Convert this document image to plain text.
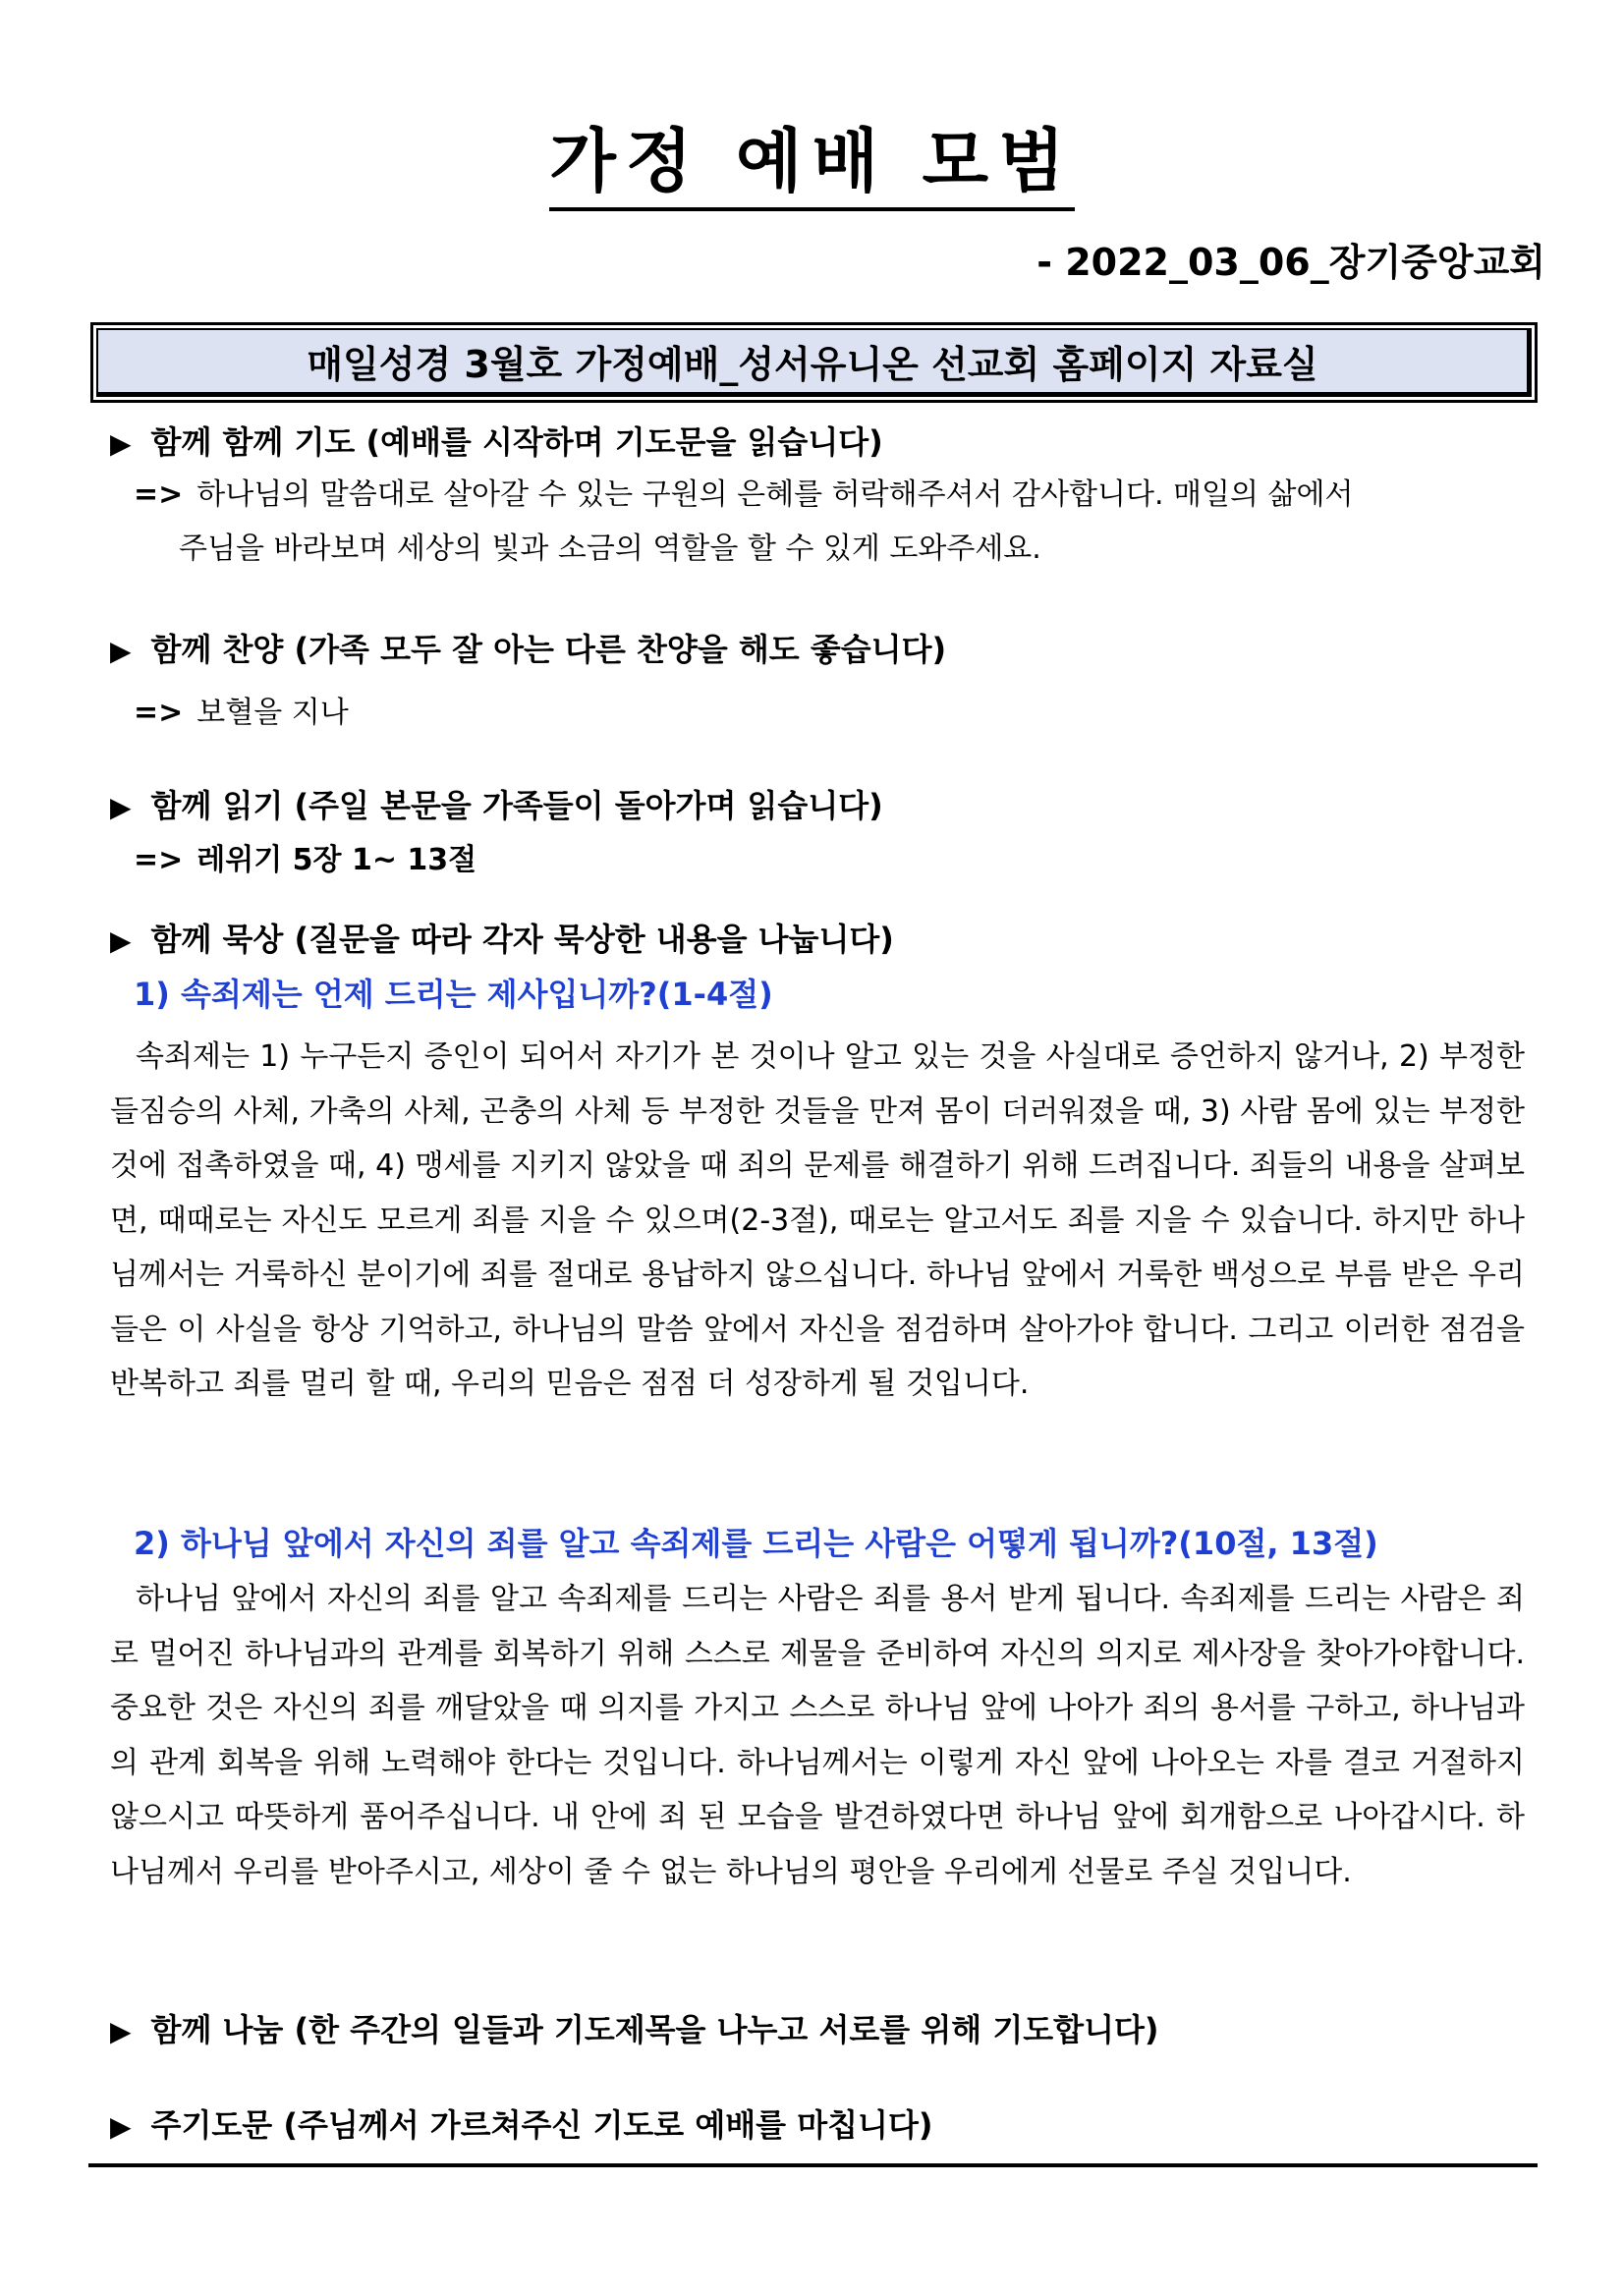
가정 예배 모범
- 2022_03_06_장기중앙교회
매일성경 3월호 가정예배_성서유니온 선교회 홈페이지 자료실
▶ 함께 함께 기도 (예배를 시작하며 기도문을 읽습니다)
=> 하나님의 말씀대로 살아갈 수 있는 구원의 은혜를 허락해주셔서 감사합니다. 매일의 삶에서
주님을 바라보며 세상의 빛과 소금의 역할을 할 수 있게 도와주세요.
▶ 함께 찬양 (가족 모두 잘 아는 다른 찬양을 해도 좋습니다)
=> 보혈을 지나
▶ 함께 읽기 (주일 본문을 가족들이 돌아가며 읽습니다)
=> 레위기 5장 1~ 13절
▶ 함께 묵상 (질문을 따라 각자 묵상한 내용을 나눕니다)
1) 속죄제는 언제 드리는 제사입니까?(1-4절)
속죄제는 1) 누구든지 증인이 되어서 자기가 본 것이나 알고 있는 것을 사실대로 증언하지 않거나, 2) 부정한 들짐승의 사체, 가축의 사체, 곤충의 사체 등 부정한 것들을 만져 몸이 더러워졌을 때, 3) 사람 몸에 있는 부정한 것에 접촉하였을 때, 4) 맹세를 지키지 않았을 때 죄의 문제를 해결하기 위해 드려집니다. 죄들의 내용을 살펴보면, 때때로는 자신도 모르게 죄를 지을 수 있으며(2-3절), 때로는 알고서도 죄를 지을 수 있습니다. 하지만 하나님께서는 거룩하신 분이기에 죄를 절대로 용납하지 않으십니다. 하나님 앞에서 거룩한 백성으로 부름 받은 우리들은 이 사실을 항상 기억하고, 하나님의 말씀 앞에서 자신을 점검하며 살아가야 합니다. 그리고 이러한 점검을 반복하고 죄를 멀리 할 때, 우리의 믿음은 점점 더 성장하게 될 것입니다.
2) 하나님 앞에서 자신의 죄를 알고 속죄제를 드리는 사람은 어떻게 됩니까?(10절, 13절)
하나님 앞에서 자신의 죄를 알고 속죄제를 드리는 사람은 죄를 용서 받게 됩니다. 속죄제를 드리는 사람은 죄로 멀어진 하나님과의 관계를 회복하기 위해 스스로 제물을 준비하여 자신의 의지로 제사장을 찾아가야합니다. 중요한 것은 자신의 죄를 깨달았을 때 의지를 가지고 스스로 하나님 앞에 나아가 죄의 용서를 구하고, 하나님과의 관계 회복을 위해 노력해야 한다는 것입니다. 하나님께서는 이렇게 자신 앞에 나아오는 자를 결코 거절하지 않으시고 따뜻하게 품어주십니다. 내 안에 죄 된 모습을 발견하였다면 하나님 앞에 회개함으로 나아갑시다. 하나님께서 우리를 받아주시고, 세상이 줄 수 없는 하나님의 평안을 우리에게 선물로 주실 것입니다.
▶ 함께 나눔 (한 주간의 일들과 기도제목을 나누고 서로를 위해 기도합니다)
▶ 주기도문 (주님께서 가르쳐주신 기도로 예배를 마칩니다)
